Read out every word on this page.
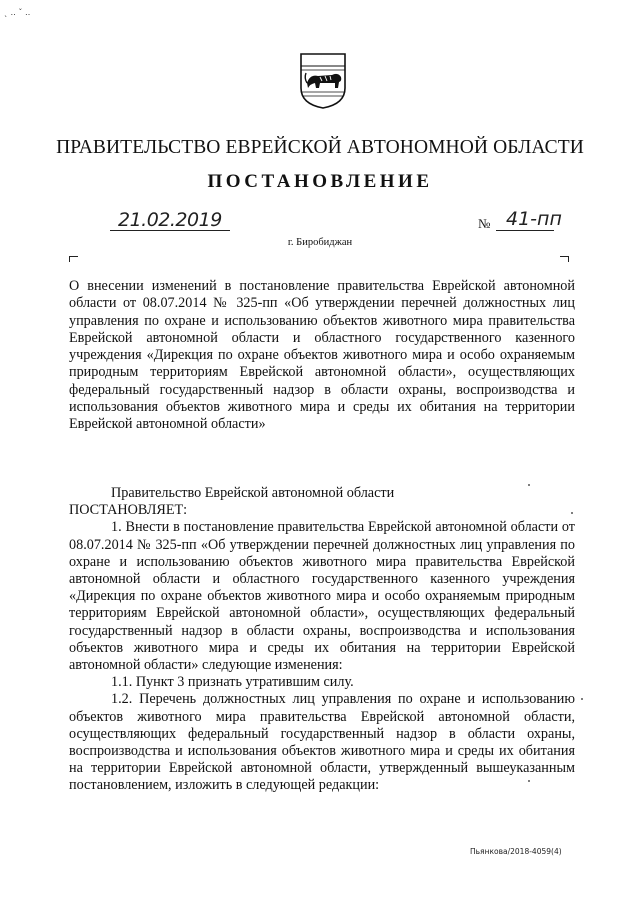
ˎ ‥ ˇ ‥
ПРАВИТЕЛЬСТВО ЕВРЕЙСКОЙ АВТОНОМНОЙ ОБЛАСТИ
ПОСТАНОВЛЕНИЕ
21.02.2019	№ 41-пп
г. Биробиджан
О внесении изменений в постановление правительства Еврейской автономной области от 08.07.2014 № 325-пп «Об утверждении перечней должностных лиц управления по охране и использованию объектов животного мира правительства Еврейской автономной области и областного государственного казенного учреждения «Дирекция по охране объектов животного мира и особо охраняемым природным территориям Еврейской автономной области», осуществляющих федеральный государственный надзор в области охраны, воспроизводства и использования объектов животного мира и среды их обитания на территории Еврейской автономной области»

Правительство Еврейской автономной области

ПОСТАНОВЛЯЕТ:

1. Внести в постановление правительства Еврейской автономной области от 08.07.2014 № 325-пп «Об утверждении перечней должностных лиц управления по охране и использованию объектов животного мира правительства Еврейской автономной области и областного государственного казенного учреждения «Дирекция по охране объектов животного мира и особо охраняемым природным территориям Еврейской автономной области», осуществляющих федеральный государственный надзор в области охраны, воспроизводства и использования объектов животного мира и среды их обитания на территории Еврейской автономной области» следующие изменения:

1.1. Пункт 3 признать утратившим силу.

1.2. Перечень должностных лиц управления по охране и использованию объектов животного мира правительства Еврейской автономной области, осуществляющих федеральный государственный надзор в области охраны, воспроизводства и использования объектов животного мира и среды их обитания на территории Еврейской автономной области, утвержденный вышеуказанным постановлением, изложить в следующей редакции:

Пьянкова/2018-4059(4)
